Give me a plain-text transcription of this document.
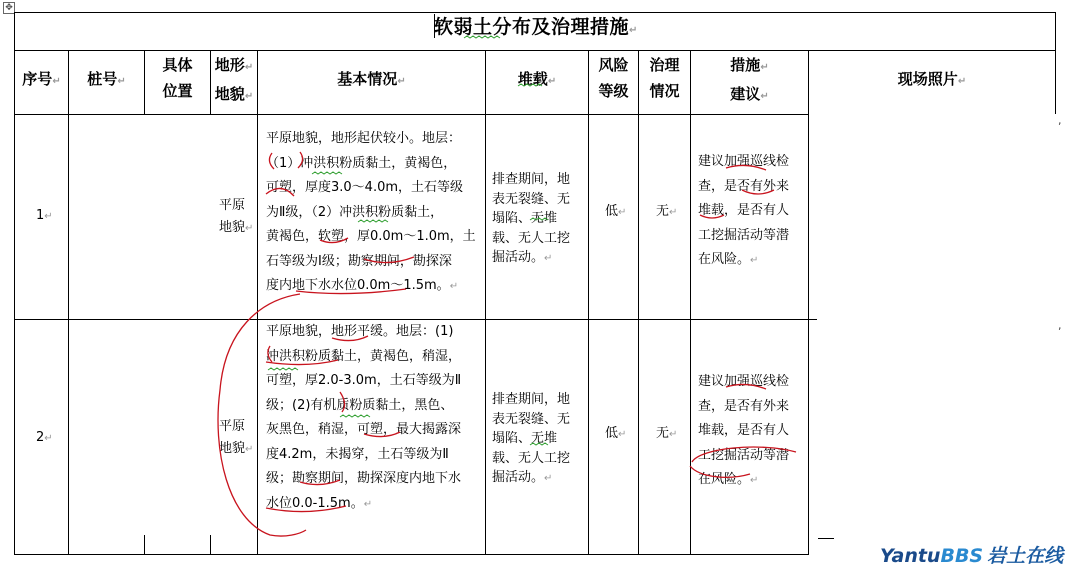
✥
软弱土分布及治理措施↵
,
,
序号↵	桩号↵
具体
位置
地形↵
地貌↵
基本情况↵	堆载↵
风险
等级
治理
情况
措施↵
建议↵
现场照片↵
1↵
平原
地貌↵
平原地貌，地形起伏较小。地层：
（1）冲洪积粉质黏土，黄褐色，
可塑，厚度3.0～4.0m，土石等级
为Ⅱ级，（2）冲洪积粉质黏土，
黄褐色，软塑，厚0.0m～1.0m，土
石等级为Ⅰ级；勘察期间，勘探深
度内地下水水位0.0m～1.5m。↵
排查期间，地
表无裂缝、无
塌陷、无堆
载、无人工挖
掘活动。↵
低↵ 无↵
建议加强巡线检
查，是否有外来
堆载，是否有人
工挖掘活动等潜
在风险。↵
2↵
平原
地貌↵
平原地貌，地形平缓。地层：(1)
冲洪积粉质黏土，黄褐色，稍湿，
可塑，厚2.0-3.0m，土石等级为Ⅱ
级；(2)有机质粉质黏土，黑色、
灰黑色，稍湿，可塑，最大揭露深
度4.2m，未揭穿，土石等级为Ⅱ
级；勘察期间，勘探深度内地下水
水位0.0-1.5m。↵
排查期间，地
表无裂缝、无
塌陷、无堆
载、无人工挖
掘活动。↵
低↵ 无↵
建议加强巡线检
查，是否有外来
堆载，是否有人
工挖掘活动等潜
在风险。↵
YantuBBS 岩土在线
